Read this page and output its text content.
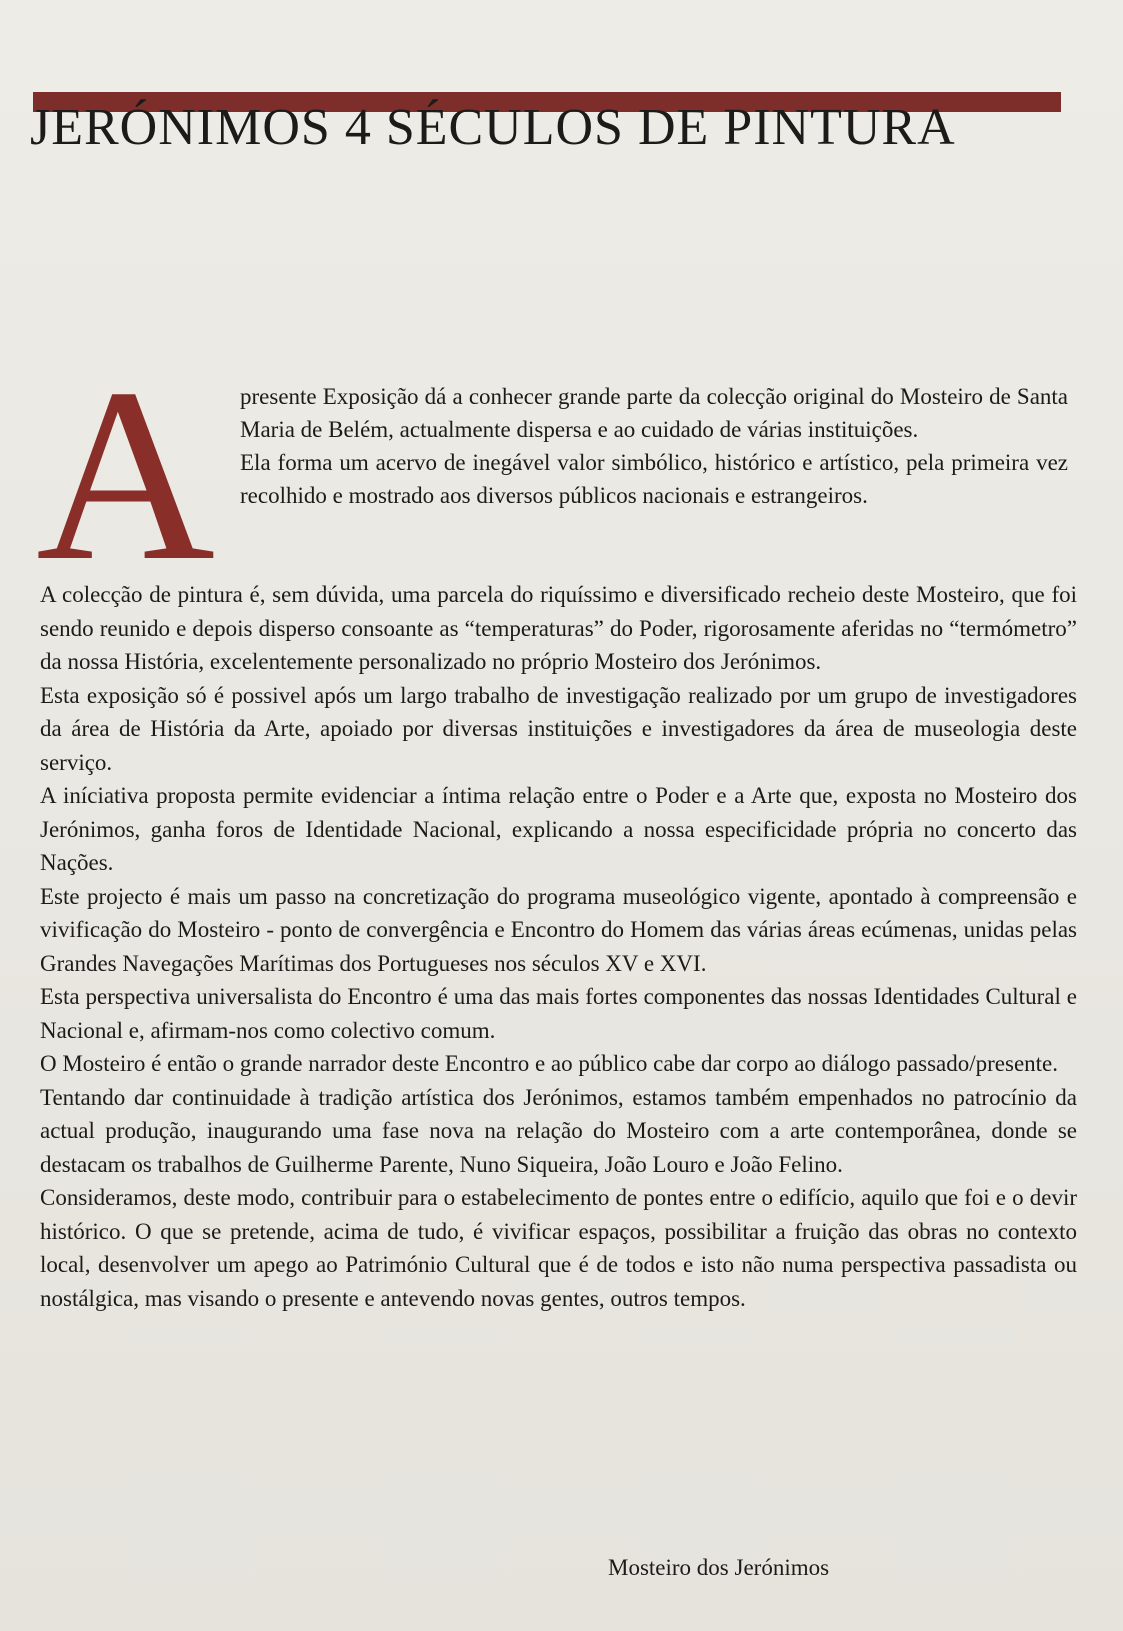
JERÓNIMOS 4 SÉCULOS DE PINTURA
A presente Exposição dá a conhecer grande parte da colecção original do Mosteiro de Santa Maria de Belém, actualmente dispersa e ao cuidado de várias instituições.

Ela forma um acervo de inegável valor simbólico, histórico e artístico, pela primeira vez recolhido e mostrado aos diversos públicos nacionais e estrangeiros.

A colecção de pintura é, sem dúvida, uma parcela do riquíssimo e diversificado recheio deste Mosteiro, que foi sendo reunido e depois disperso consoante as “temperaturas” do Poder, rigorosamente aferidas no “termómetro” da nossa História, excelentemente personalizado no próprio Mosteiro dos Jerónimos.

Esta exposição só é possivel após um largo trabalho de investigação realizado por um grupo de investigadores da área de História da Arte, apoiado por diversas instituições e investigadores da área de museologia deste serviço.

A iníciativa proposta permite evidenciar a íntima relação entre o Poder e a Arte que, exposta no Mosteiro dos Jerónimos, ganha foros de Identidade Nacional, explicando a nossa especificidade própria no concerto das Nações.

Este projecto é mais um passo na concretização do programa museológico vigente, apontado à compreensão e vivificação do Mosteiro - ponto de convergência e Encontro do Homem das várias áreas ecúmenas, unidas pelas Grandes Navegações Marítimas dos Portugueses nos séculos XV e XVI.

Esta perspectiva universalista do Encontro é uma das mais fortes componentes das nossas Identidades Cultural e Nacional e, afirmam-nos como colectivo comum.

O Mosteiro é então o grande narrador deste Encontro e ao público cabe dar corpo ao diálogo passado/presente.

Tentando dar continuidade à tradição artística dos Jerónimos, estamos também empenhados no patrocínio da actual produção, inaugurando uma fase nova na relação do Mosteiro com a arte contemporânea, donde se destacam os trabalhos de Guilherme Parente, Nuno Siqueira, João Louro e João Felino.

Consideramos, deste modo, contribuir para o estabelecimento de pontes entre o edifício, aquilo que foi e o devir histórico. O que se pretende, acima de tudo, é vivificar espaços, possibilitar a fruição das obras no contexto local, desenvolver um apego ao Património Cultural que é de todos e isto não numa perspectiva passadista ou nostálgica, mas visando o presente e antevendo novas gentes, outros tempos.

Mosteiro dos Jerónimos
